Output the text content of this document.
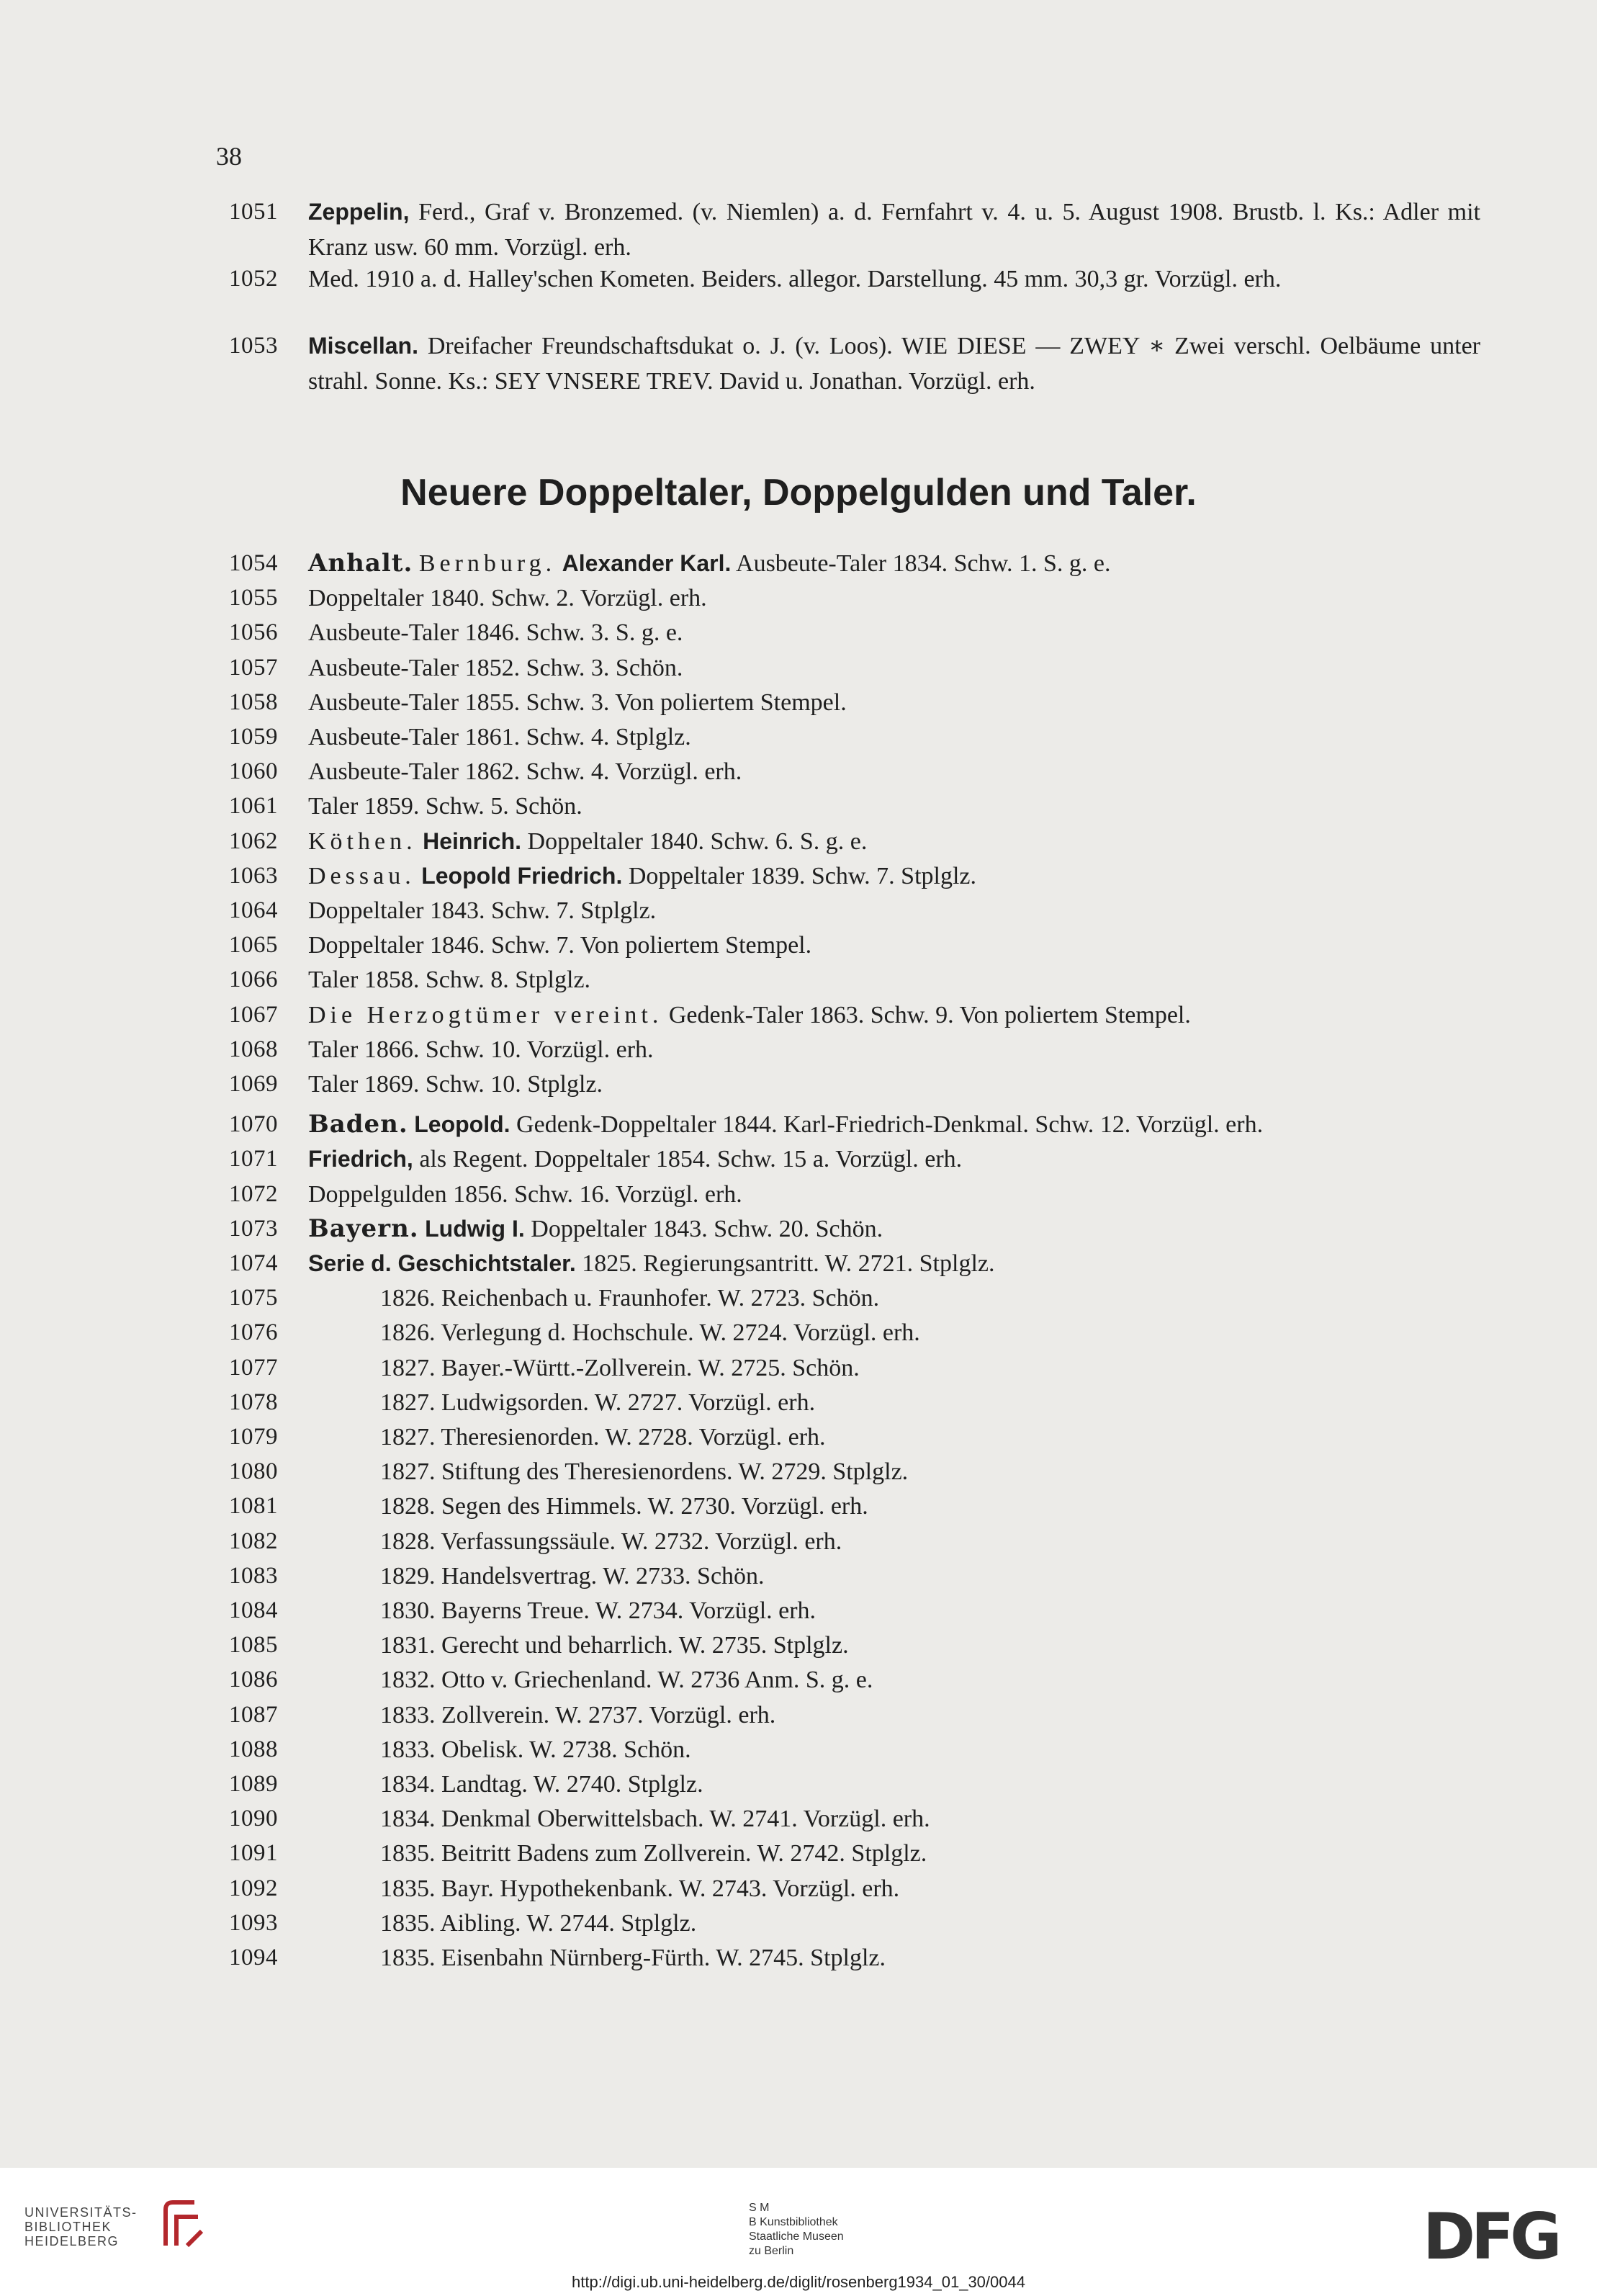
38
1051	Zeppelin, Ferd., Graf v. Bronzemed. (v. Niemlen) a. d. Fernfahrt v. 4. u. 5. August 1908. Brustb. l. Ks.: Adler mit Kranz usw. 60 mm. Vorzügl. erh.
1052	Med. 1910 a. d. Halley'schen Kometen. Beiders. allegor. Darstellung. 45 mm. 30,3 gr. Vorzügl. erh.
1053	Miscellan. Dreifacher Freundschaftsdukat o. J. (v. Loos). WIE DIESE — ZWEY ∗ Zwei verschl. Oelbäume unter strahl. Sonne. Ks.: SEY VNSERE TREV. David u. Jonathan. Vorzügl. erh.
Neuere Doppeltaler, Doppelgulden und Taler.
1054	Anhalt. Bernburg. Alexander Karl. Ausbeute-Taler 1834. Schw. 1. S. g. e.
1055	Doppeltaler 1840. Schw. 2. Vorzügl. erh.
1056	Ausbeute-Taler 1846. Schw. 3. S. g. e.
1057	Ausbeute-Taler 1852. Schw. 3. Schön.
1058	Ausbeute-Taler 1855. Schw. 3. Von poliertem Stempel.
1059	Ausbeute-Taler 1861. Schw. 4. Stplglz.
1060	Ausbeute-Taler 1862. Schw. 4. Vorzügl. erh.
1061	Taler 1859. Schw. 5. Schön.
1062	Köthen. Heinrich. Doppeltaler 1840. Schw. 6. S. g. e.
1063	Dessau. Leopold Friedrich. Doppeltaler 1839. Schw. 7. Stplglz.
1064	Doppeltaler 1843. Schw. 7. Stplglz.
1065	Doppeltaler 1846. Schw. 7. Von poliertem Stempel.
1066	Taler 1858. Schw. 8. Stplglz.
1067	Die Herzogtümer vereint. Gedenk-Taler 1863. Schw. 9. Von poliertem Stempel.
1068	Taler 1866. Schw. 10. Vorzügl. erh.
1069	Taler 1869. Schw. 10. Stplglz.
1070	Baden. Leopold. Gedenk-Doppeltaler 1844. Karl-Friedrich-Denkmal. Schw. 12. Vorzügl. erh.
1071	Friedrich, als Regent. Doppeltaler 1854. Schw. 15 a. Vorzügl. erh.
1072	Doppelgulden 1856. Schw. 16. Vorzügl. erh.
1073	Bayern. Ludwig I. Doppeltaler 1843. Schw. 20. Schön.
1074	Serie d. Geschichtstaler. 1825. Regierungsantritt. W. 2721. Stplglz.
1075	1826. Reichenbach u. Fraunhofer. W. 2723. Schön.
1076	1826. Verlegung d. Hochschule. W. 2724. Vorzügl. erh.
1077	1827. Bayer.-Württ.-Zollverein. W. 2725. Schön.
1078	1827. Ludwigsorden. W. 2727. Vorzügl. erh.
1079	1827. Theresienorden. W. 2728. Vorzügl. erh.
1080	1827. Stiftung des Theresienordens. W. 2729. Stplglz.
1081	1828. Segen des Himmels. W. 2730. Vorzügl. erh.
1082	1828. Verfassungssäule. W. 2732. Vorzügl. erh.
1083	1829. Handelsvertrag. W. 2733. Schön.
1084	1830. Bayerns Treue. W. 2734. Vorzügl. erh.
1085	1831. Gerecht und beharrlich. W. 2735. Stplglz.
1086	1832. Otto v. Griechenland. W. 2736 Anm. S. g. e.
1087	1833. Zollverein. W. 2737. Vorzügl. erh.
1088	1833. Obelisk. W. 2738. Schön.
1089	1834. Landtag. W. 2740. Stplglz.
1090	1834. Denkmal Oberwittelsbach. W. 2741. Vorzügl. erh.
1091	1835. Beitritt Badens zum Zollverein. W. 2742. Stplglz.
1092	1835. Bayr. Hypothekenbank. W. 2743. Vorzügl. erh.
1093	1835. Aibling. W. 2744. Stplglz.
1094	1835. Eisenbahn Nürnberg-Fürth. W. 2745. Stplglz.
UNIVERSITÄTS-
BIBLIOTHEK
HEIDELBERG
S M
B Kunstbibliothek
Staatliche Museen
zu Berlin	DFG
http://digi.ub.uni-heidelberg.de/diglit/rosenberg1934_01_30/0044
